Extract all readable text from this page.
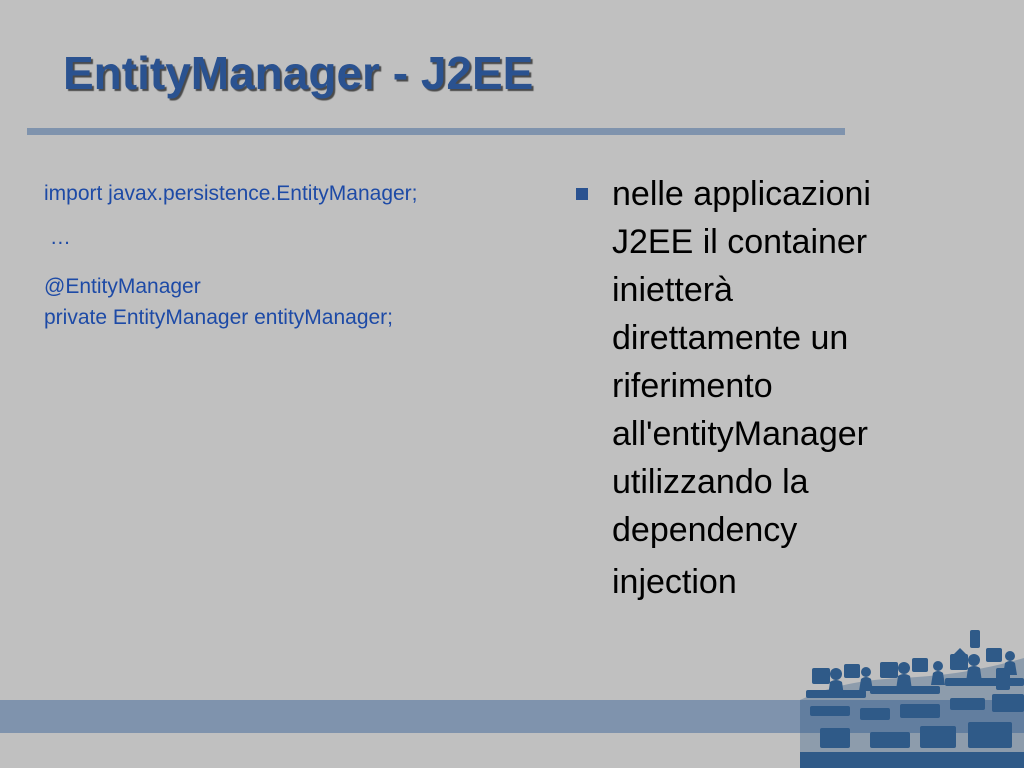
EntityManager - J2EE
import javax.persistence.EntityManager;
…
@EntityManager
private EntityManager entityManager;
nelle applicazioni
J2EE il container
inietterà
direttamente un
riferimento
all'entityManager
utilizzando la
dependency
injection
